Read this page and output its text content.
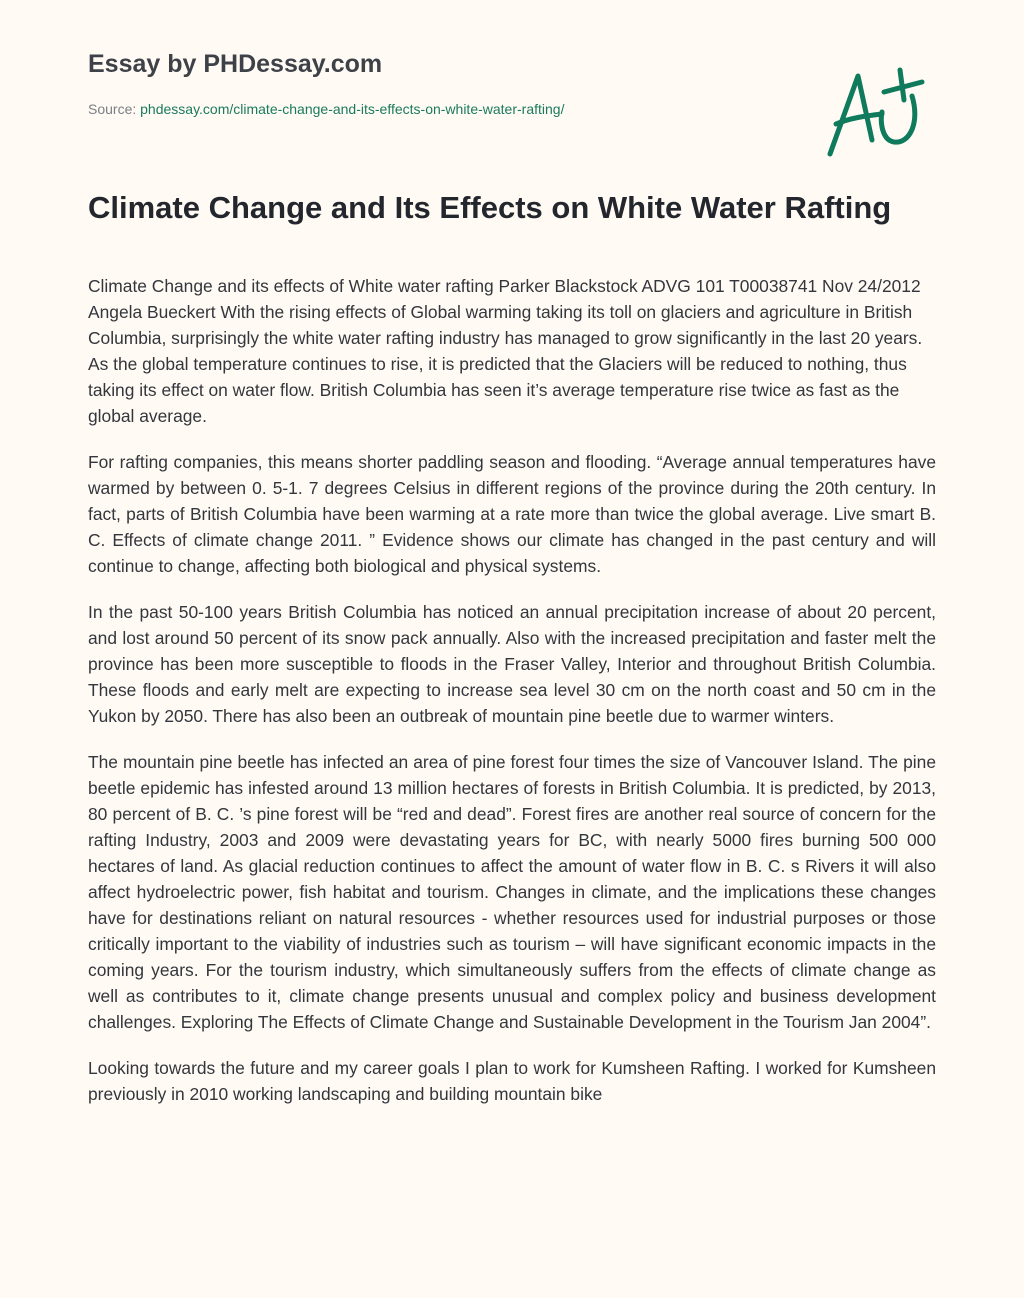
Essay by PHDessay.com
Source: phdessay.com/climate-change-and-its-effects-on-white-water-rafting/
Climate Change and Its Effects on White Water Rafting

Climate Change and its effects of White water rafting Parker Blackstock ADVG 101 T00038741 Nov 24/2012 Angela Bueckert With the rising effects of Global warming taking its toll on glaciers and agriculture in British Columbia, surprisingly the white water rafting industry has managed to grow significantly in the last 20 years. As the global temperature continues to rise, it is predicted that the Glaciers will be reduced to nothing, thus taking its effect on water flow. British Columbia has seen it’s average temperature rise twice as fast as the global average.

For rafting companies, this means shorter paddling season and flooding. “Average annual temperatures have warmed by between 0. 5-1. 7 degrees Celsius in different regions of the province during the 20th century. In fact, parts of British Columbia have been warming at a rate more than twice the global average. Live smart B. C. Effects of climate change 2011. ” Evidence shows our climate has changed in the past century and will continue to change, affecting both biological and physical systems.

In the past 50-100 years British Columbia has noticed an annual precipitation increase of about 20 percent, and lost around 50 percent of its snow pack annually. Also with the increased precipitation and faster melt the province has been more susceptible to floods in the Fraser Valley, Interior and throughout British Columbia. These floods and early melt are expecting to increase sea level 30 cm on the north coast and 50 cm in the Yukon by 2050. There has also been an outbreak of mountain pine beetle due to warmer winters.

The mountain pine beetle has infected an area of pine forest four times the size of Vancouver Island. The pine beetle epidemic has infested around 13 million hectares of forests in British Columbia. It is predicted, by 2013, 80 percent of B. C. ’s pine forest will be “red and dead”. Forest fires are another real source of concern for the rafting Industry, 2003 and 2009 were devastating years for BC, with nearly 5000 fires burning 500 000 hectares of land. As glacial reduction continues to affect the amount of water flow in B. C. s Rivers it will also affect hydroelectric power, fish habitat and tourism. Changes in climate, and the implications these changes have for destinations reliant on natural resources - whether resources used for industrial purposes or those critically important to the viability of industries such as tourism – will have significant economic impacts in the coming years. For the tourism industry, which simultaneously suffers from the effects of climate change as well as contributes to it, climate change presents unusual and complex policy and business development challenges. Exploring The Effects of Climate Change and Sustainable Development in the Tourism Jan 2004”.

Looking towards the future and my career goals I plan to work for Kumsheen Rafting. I worked for Kumsheen previously in 2010 working landscaping and building mountain bike
